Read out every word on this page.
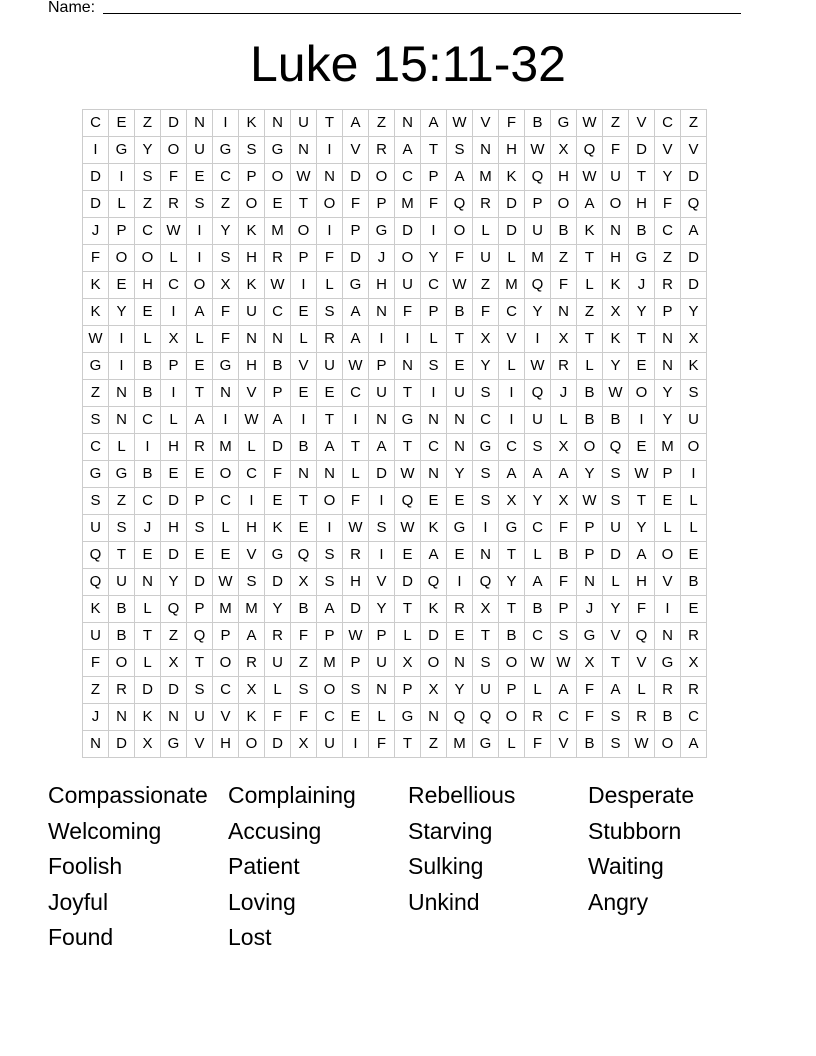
Name:
Luke 15:11-32
C	E	Z	D	N	I	K	N	U	T	A	Z	N	A	W	V	F	B	G	W	Z	V	C	Z
I	G	Y	O	U	G	S	G	N	I	V	R	A	T	S	N	H	W	X	Q	F	D	V	V
D	I	S	F	E	C	P	O	W	N	D	O	C	P	A	M	K	Q	H	W	U	T	Y	D
D	L	Z	R	S	Z	O	E	T	O	F	P	M	F	Q	R	D	P	O	A	O	H	F	Q
J	P	C	W	I	Y	K	M	O	I	P	G	D	I	O	L	D	U	B	K	N	B	C	A
F	O	O	L	I	S	H	R	P	F	D	J	O	Y	F	U	L	M	Z	T	H	G	Z	D
K	E	H	C	O	X	K	W	I	L	G	H	U	C	W	Z	M	Q	F	L	K	J	R	D
K	Y	E	I	A	F	U	C	E	S	A	N	F	P	B	F	C	Y	N	Z	X	Y	P	Y
W	I	L	X	L	F	N	N	L	R	A	I	I	L	T	X	V	I	X	T	K	T	N	X
G	I	B	P	E	G	H	B	V	U	W	P	N	S	E	Y	L	W	R	L	Y	E	N	K
Z	N	B	I	T	N	V	P	E	E	C	U	T	I	U	S	I	Q	J	B	W	O	Y	S
S	N	C	L	A	I	W	A	I	T	I	N	G	N	N	C	I	U	L	B	B	I	Y	U
C	L	I	H	R	M	L	D	B	A	T	A	T	C	N	G	C	S	X	O	Q	E	M	O
G	G	B	E	E	O	C	F	N	N	L	D	W	N	Y	S	A	A	A	Y	S	W	P	I
S	Z	C	D	P	C	I	E	T	O	F	I	Q	E	E	S	X	Y	X	W	S	T	E	L
U	S	J	H	S	L	H	K	E	I	W	S	W	K	G	I	G	C	F	P	U	Y	L	L
Q	T	E	D	E	E	V	G	Q	S	R	I	E	A	E	N	T	L	B	P	D	A	O	E
Q	U	N	Y	D	W	S	D	X	S	H	V	D	Q	I	Q	Y	A	F	N	L	H	V	B
K	B	L	Q	P	M	M	Y	B	A	D	Y	T	K	R	X	T	B	P	J	Y	F	I	E
U	B	T	Z	Q	P	A	R	F	P	W	P	L	D	E	T	B	C	S	G	V	Q	N	R
F	O	L	X	T	O	R	U	Z	M	P	U	X	O	N	S	O	W	W	X	T	V	G	X
Z	R	D	D	S	C	X	L	S	O	S	N	P	X	Y	U	P	L	A	F	A	L	R	R
J	N	K	N	U	V	K	F	F	C	E	L	G	N	Q	Q	O	R	C	F	S	R	B	C
N	D	X	G	V	H	O	D	X	U	I	F	T	Z	M	G	L	F	V	B	S	W	O	A
Compassionate
Welcoming
Foolish
Joyful
Found
Complaining
Accusing
Patient
Loving
Lost
Rebellious
Starving
Sulking
Unkind
Desperate
Stubborn
Waiting
Angry
